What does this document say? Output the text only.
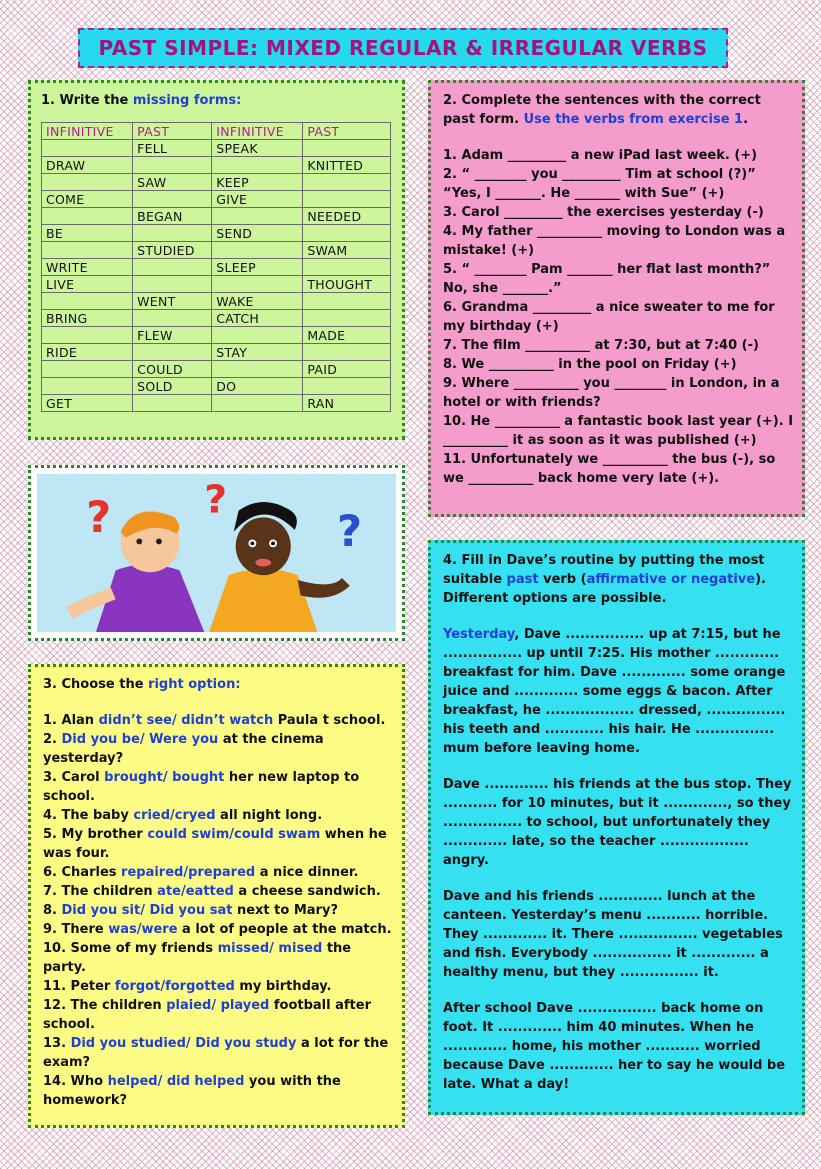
PAST SIMPLE: MIXED REGULAR & IRREGULAR VERBS

1. Write the missing forms:

INFINITIVE	PAST	INFINITIVE	PAST
	FELL	SPEAK	
DRAW			KNITTED
	SAW	KEEP	
COME		GIVE	
	BEGAN		NEEDED
BE		SEND	
	STUDIED		SWAM
WRITE		SLEEP	
LIVE			THOUGHT
	WENT	WAKE	
BRING		CATCH	
	FLEW		MADE
RIDE		STAY	
	COULD		PAID
	SOLD	DO	
GET			RAN

2. Complete the sentences with the correct past form. Use the verbs from exercise 1.

1. Adam _________ a new iPad last week. (+)

2. “ ________ you _________ Tim at school (?)”

“Yes, I _______. He _______ with Sue” (+)

3. Carol _________ the exercises yesterday (-)

4. My father __________ moving to London was a mistake! (+)

5. “ ________ Pam _______ her flat last month?” No, she _______.”

6. Grandma _________ a nice sweater to me for my birthday (+)

7. The film __________ at 7:30, but at 7:40 (-)

8. We __________ in the pool on Friday (+)

9. Where __________ you ________ in London, in a hotel or with friends?

10. He __________ a fantastic book last year (+). I __________ it as soon as it was published (+)

11. Unfortunately we __________ the bus (-), so we __________ back home very late (+).

? ?
?

3. Choose the right option:

1. Alan didn’t see/ didn’t watch Paula t school.

2. Did you be/ Were you at the cinema yesterday?

3. Carol brought/ bought her new laptop to school.

4. The baby cried/cryed all night long.

5. My brother could swim/could swam when he was four.

6. Charles repaired/prepared a nice dinner.

7. The children ate/eatted a cheese sandwich.

8. Did you sit/ Did you sat next to Mary?

9. There was/were a lot of people at the match.

10. Some of my friends missed/ mised the party.

11. Peter forgot/forgotted my birthday.

12. The children plaied/ played football after school.

13. Did you studied/ Did you study a lot for the exam?

14. Who helped/ did helped you with the homework?

4. Fill in Dave’s routine by putting the most suitable past verb (affirmative or negative). Different options are possible.

Yesterday, Dave ................ up at 7:15, but he ................ up until 7:25. His mother ............. breakfast for him. Dave ............. some orange juice and ............. some eggs & bacon. After breakfast, he .................. dressed, ................ his teeth and ............ his hair. He ................ mum before leaving home.

Dave ............. his friends at the bus stop. They ........... for 10 minutes, but it ............., so they ................ to school, but unfortunately they ............. late, so the teacher .................. angry.

Dave and his friends ............. lunch at the canteen. Yesterday’s menu ........... horrible. They ............. it. There ................ vegetables and fish. Everybody ................ it ............. a healthy menu, but they ................ it.

After school Dave ................ back home on foot. It ............. him 40 minutes. When he ............. home, his mother ........... worried because Dave ............. her to say he would be late. What a day!
